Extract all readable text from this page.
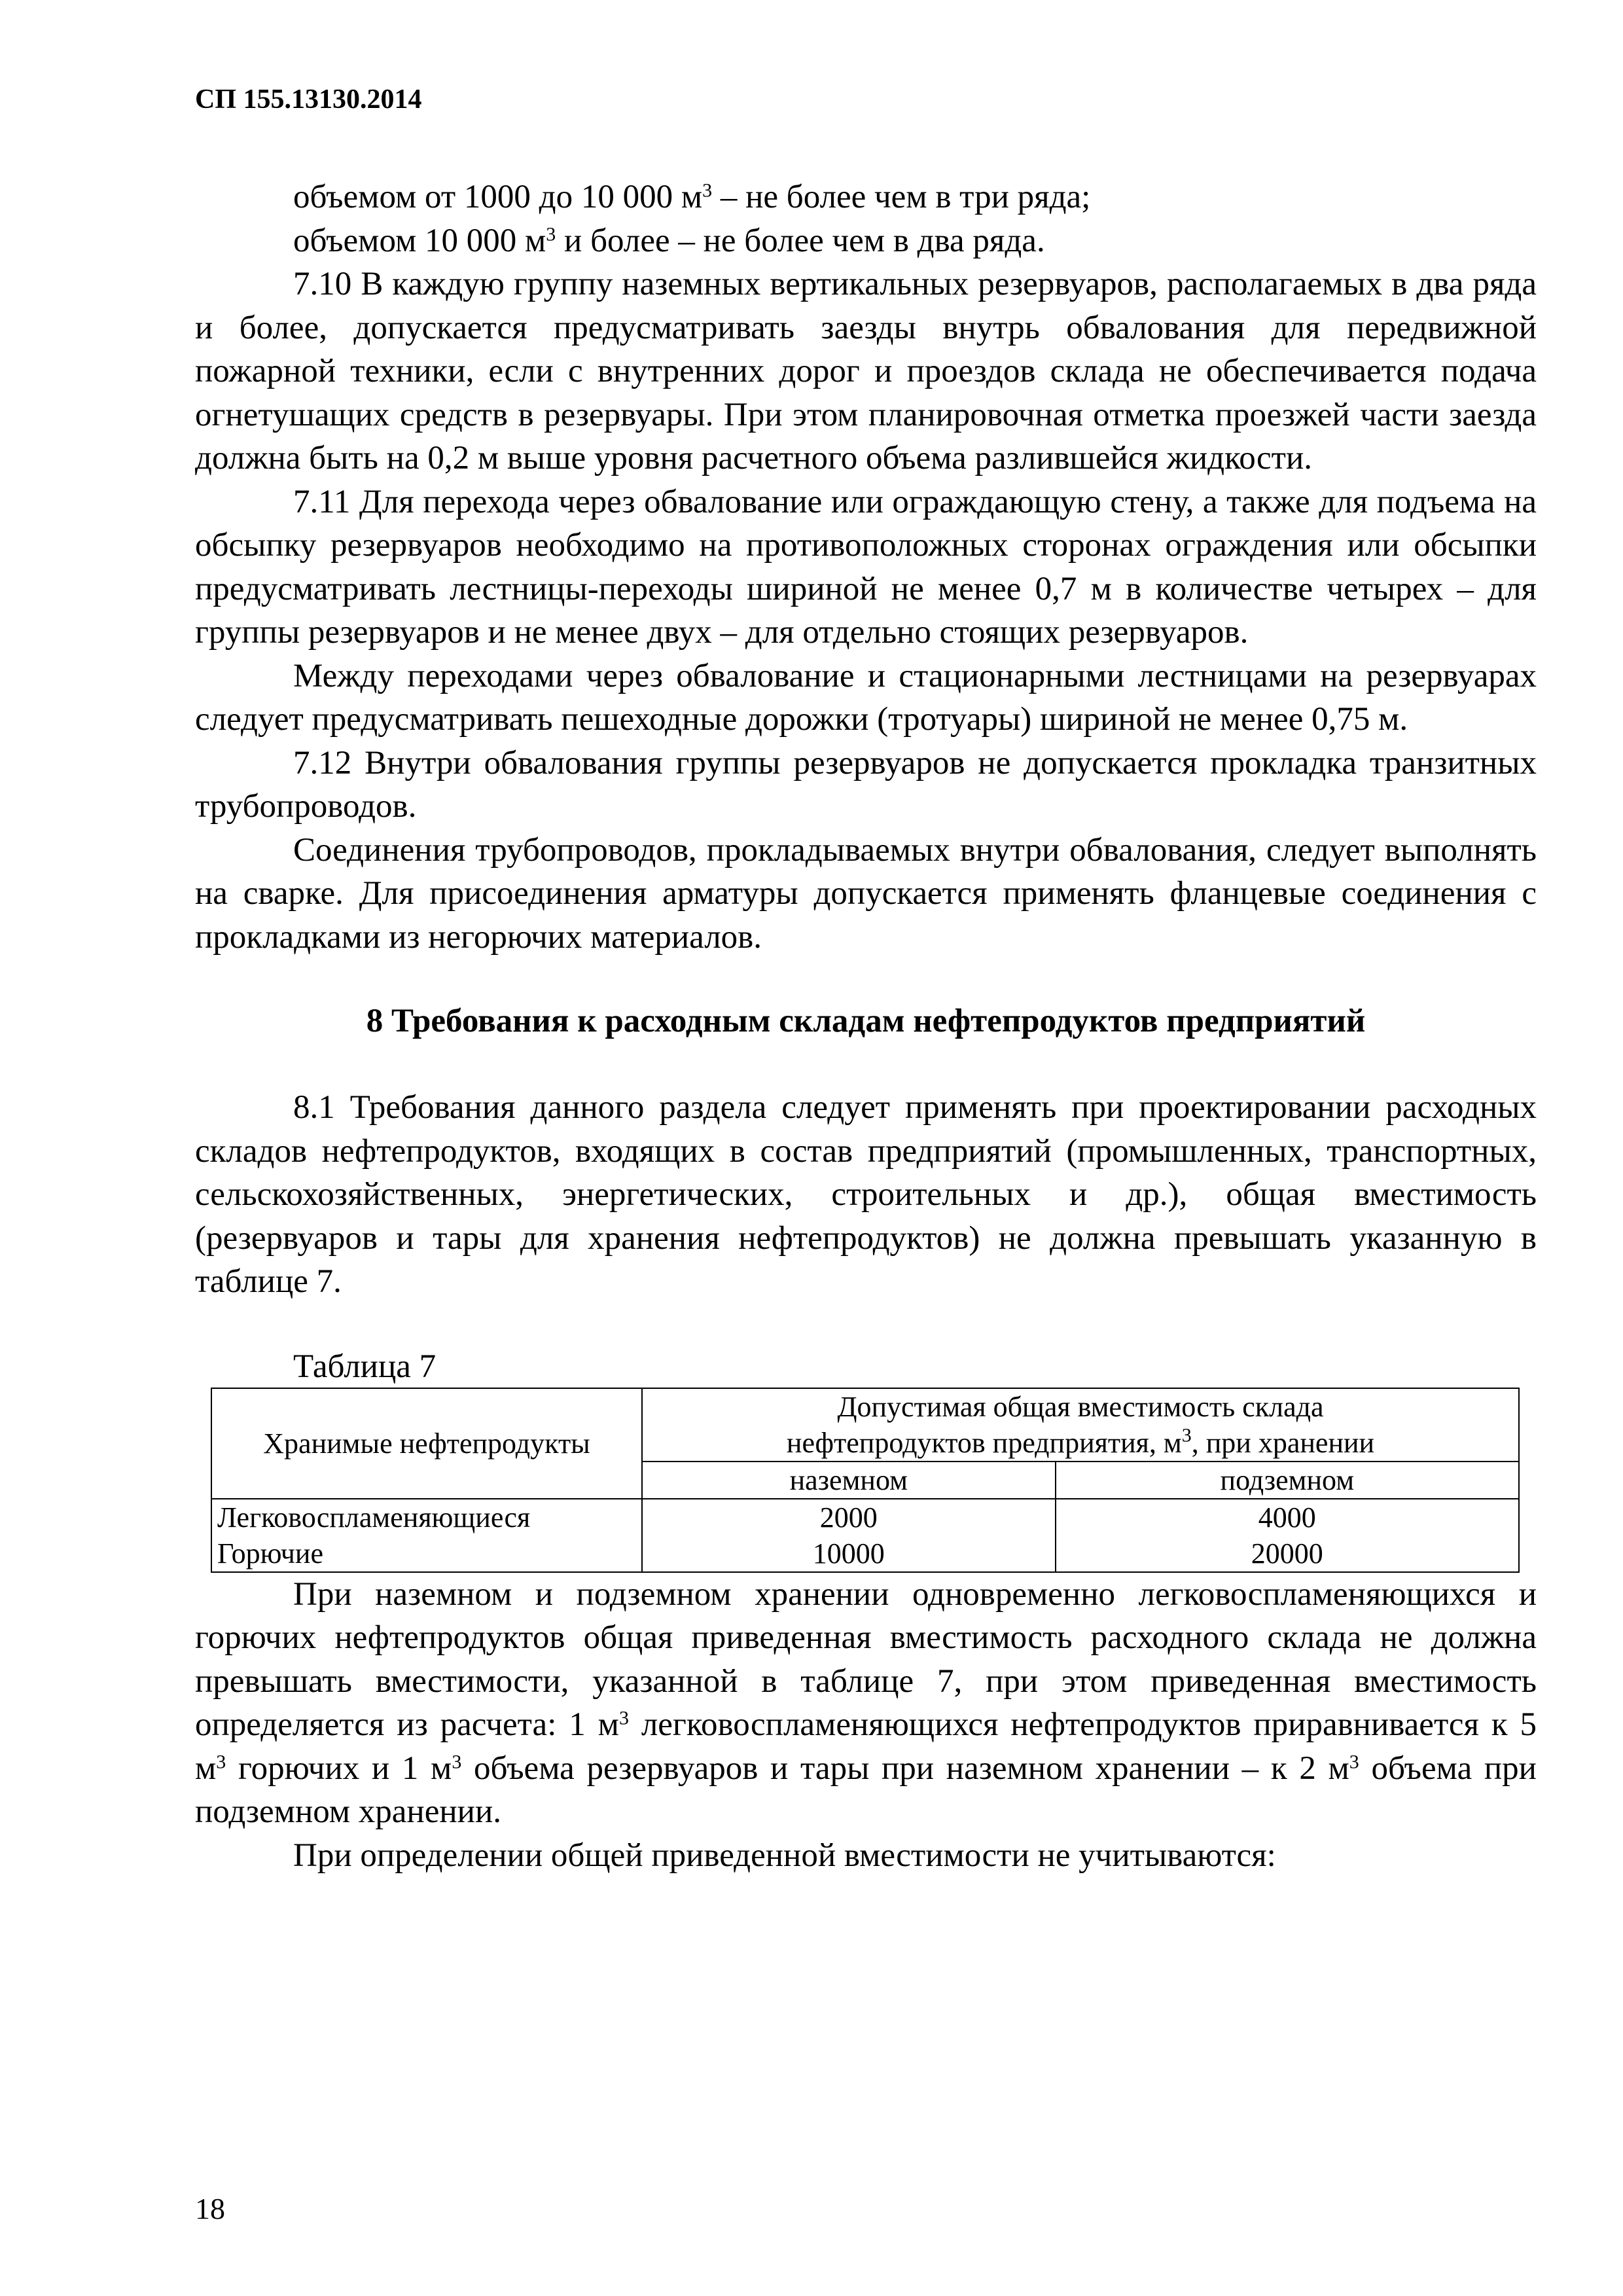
СП 155.13130.2014

объемом от 1000 до 10 000 $м^3$ – не более чем в три ряда;

объемом 10 000 $м^3$ и более – не более чем в два ряда.

7.10 В каждую группу наземных вертикальных резервуаров, располагаемых в два ряда и более, допускается предусматривать заезды внутрь обвалования для передвижной пожарной техники, если с внутренних дорог и проездов склада не обеспечивается подача огнетушащих средств в резервуары. При этом планировочная отметка проезжей части заезда должна быть на 0,2 м выше уровня расчетного объема разлившейся жидкости.

7.11 Для перехода через обвалование или ограждающую стену, а также для подъема на обсыпку резервуаров необходимо на противоположных сторонах ограждения или обсыпки предусматривать лестницы-переходы шириной не менее 0,7 м в количестве четырех – для группы резервуаров и не менее двух – для отдельно стоящих резервуаров.

Между переходами через обвалование и стационарными лестницами на резервуарах следует предусматривать пешеходные дорожки (тротуары) шириной не менее 0,75 м.

7.12 Внутри обвалования группы резервуаров не допускается прокладка транзитных трубопроводов.

Соединения трубопроводов, прокладываемых внутри обвалования, следует выполнять на сварке. Для присоединения арматуры допускается применять фланцевые соединения с прокладками из негорючих материалов.

8 Требования к расходным складам нефтепродуктов предприятий

8.1 Требования данного раздела следует применять при проектировании расходных складов нефтепродуктов, входящих в состав предприятий (промышленных, транспортных, сельскохозяйственных, энергетических, строительных и др.), общая вместимость (резервуаров и тары для хранения нефтепродуктов) не должна превышать указанную в таблице 7.

Таблица 7
Хранимые нефтепродукты	Допустимая общая вместимость склада
нефтепродуктов предприятия, $м^3$, при хранении	
	наземном	подземном
Легковоспламеняющиеся	2000	4000
Горючие	10000	20000

При наземном и подземном хранении одновременно легковоспламеняющихся и горючих нефтепродуктов общая приведенная вместимость расходного склада не должна превышать вместимости, указанной в таблице 7, при этом приведенная вместимость определяется из расчета: 1 $м^3$ легковоспламеняющихся нефтепродуктов приравнивается к 5 $м^3$ горючих и 1 $м^3$ объема резервуаров и тары при наземном хранении – к 2 $м^3$ объема при подземном хранении.

При определении общей приведенной вместимости не учитываются:

18
